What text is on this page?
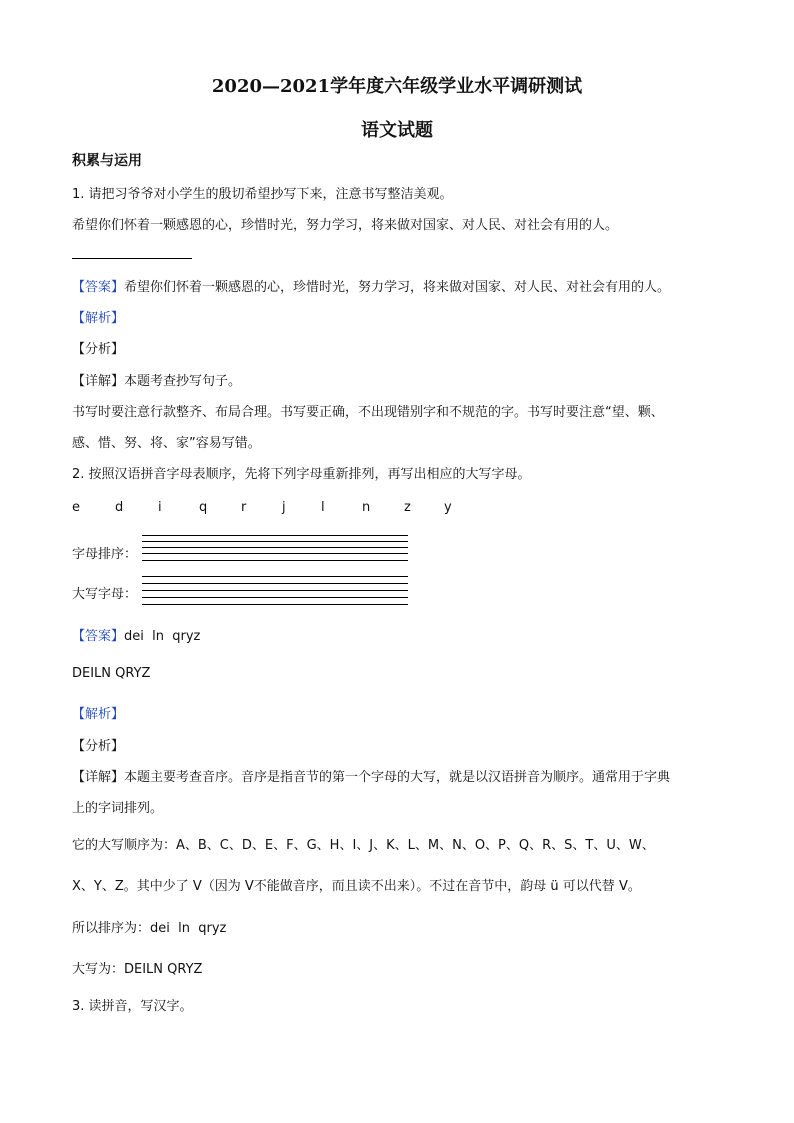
2020—2021学年度六年级学业水平调研测试
语文试题
积累与运用
1. 请把习爷爷对小学生的殷切希望抄写下来，注意书写整洁美观。
希望你们怀着一颗感恩的心，珍惜时光，努力学习，将来做对国家、对人民、对社会有用的人。
【答案】希望你们怀着一颗感恩的心，珍惜时光，努力学习，将来做对国家、对人民、对社会有用的人。
【解析】
【分析】
【详解】本题考查抄写句子。
书写时要注意行款整齐、布局合理。书写要正确，不出现错别字和不规范的字。书写时要注意“望、颗、
感、惜、努、将、家”容易写错。
2. 按照汉语拼音字母表顺序，先将下列字母重新排列，再写出相应的大写字母。
e	d	i	q	r	j	l	n	z	y
字母排序：
大写字母：
【答案】dei  ln  qryz
DEILN QRYZ
【解析】
【分析】
【详解】本题主要考查音序。音序是指音节的第一个字母的大写，就是以汉语拼音为顺序。通常用于字典
上的字词排列。
它的大写顺序为：A、B、C、D、E、F、G、H、I、J、K、L、M、N、O、P、Q、R、S、T、U、W、
X、Y、Z。其中少了 V（因为 V不能做音序，而且读不出来）。不过在音节中，韵母 ü 可以代替 V。
所以排序为：dei  ln  qryz
大写为：DEILN QRYZ
3. 读拼音，写汉字。
